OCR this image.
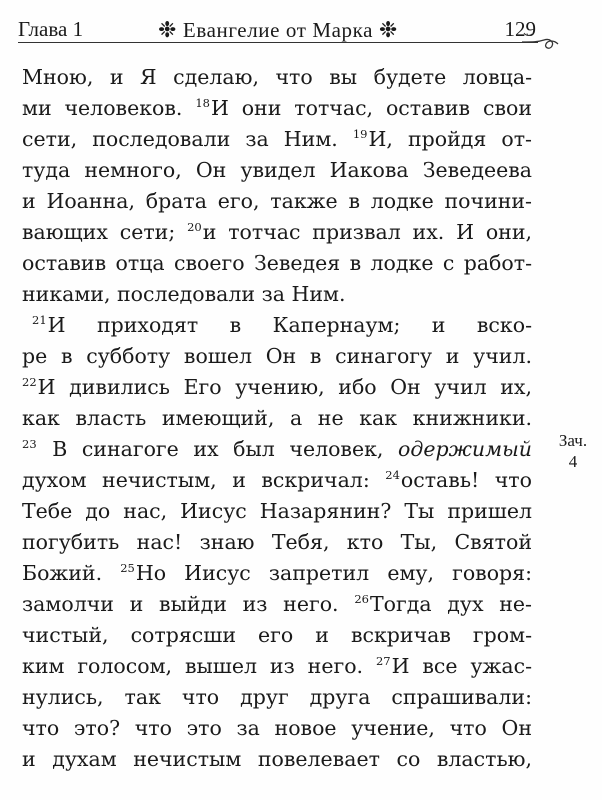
Глава 1	❉ Евангелие от Марка ❉	129
Мною, и Я сделаю, что вы будете ловца-
ми человеков. $^{18}$И они тотчас, оставив свои
сети, последовали за Ним. $^{19}$И, пройдя от-
туда немного, Он увидел Иакова Зеведеева
и Иоанна, брата его, также в лодке почини-
вающих сети; $^{20}$и тотчас призвал их. И они,
оставив отца своего Зеведея в лодке с работ-
никами, последовали за Ним.
$^{21}$И приходят в Капернаум; и вско-
ре в субботу вошел Он в синагогу и учил.
$^{22}$И дивились Его учению, ибо Он учил их,
как власть имеющий, а не как книжники.
$^{23}$ В синагоге их был человек, одержимый
духом нечистым, и вскричал: $^{24}$оставь! что
Тебе до нас, Иисус Назарянин? Ты пришел
погубить нас! знаю Тебя, кто Ты, Святой
Божий. $^{25}$Но Иисус запретил ему, говоря:
замолчи и выйди из него. $^{26}$Тогда дух не-
чистый, сотрясши его и вскричав гром-
ким голосом, вышел из него. $^{27}$И все ужас-
нулись, так что друг друга спрашивали:
что это? что это за новое учение, что Он
и духам нечистым повелевает со властью,
Зач.
4
